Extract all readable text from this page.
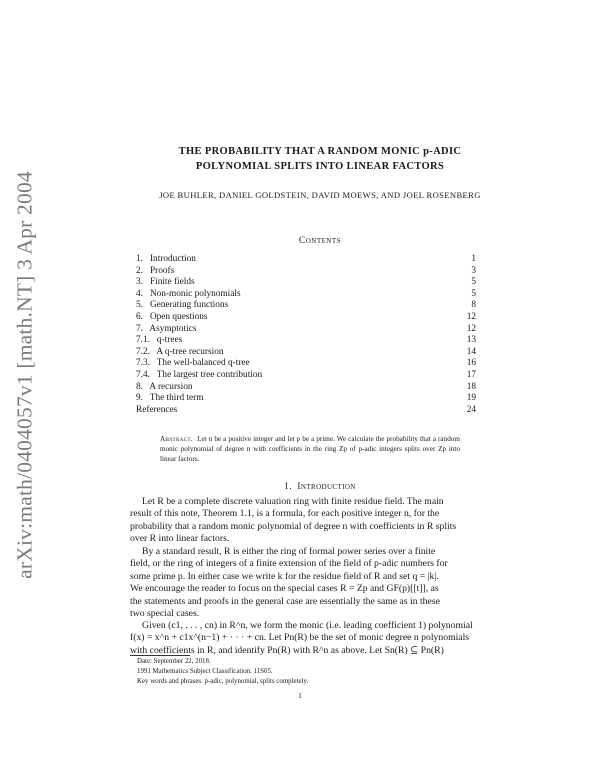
arXiv:math/0404057v1 [math.NT] 3 Apr 2004
THE PROBABILITY THAT A RANDOM MONIC p-ADIC
POLYNOMIAL SPLITS INTO LINEAR FACTORS
JOE BUHLER, DANIEL GOLDSTEIN, DAVID MOEWS, AND JOEL ROSENBERG
Contents
1.   Introduction	1
2.   Proofs	3
3.   Finite fields	5
4.   Non-monic polynomials	5
5.   Generating functions	8
6.   Open questions	12
7.   Asymptotics	12
7.1.   q-trees	13
7.2.   A q-tree recursion	14
7.3.   The well-balanced q-tree	16
7.4.   The largest tree contribution	17
8.   A recursion	18
9.   The third term	19
References	24
Abstract. Let n be a positive integer and let p be a prime. We calculate the probability that a random monic polynomial of degree n with coefficients in the ring Zp of p-adic integers splits over Zp into linear factors.
1. Introduction
Let R be a complete discrete valuation ring with finite residue field. The main
result of this note, Theorem 1.1, is a formula, for each positive integer n, for the
probability that a random monic polynomial of degree n with coefficients in R splits
over R into linear factors.
By a standard result, R is either the ring of formal power series over a finite
field, or the ring of integers of a finite extension of the field of p-adic numbers for
some prime p. In either case we write k for the residue field of R and set q = |k|.
We encourage the reader to focus on the special cases R = Zp and GF(p)[[t]], as
the statements and proofs in the general case are essentially the same as in these
two special cases.
Given (c1, . . . , cn) in R^n, we form the monic (i.e. leading coefficient 1) polynomial
f(x) = x^n + c1x^(n−1) + · · · + cn. Let Pn(R) be the set of monic degree n polynomials
with coefficients in R, and identify Pn(R) with R^n as above. Let Sn(R) ⊆ Pn(R)
Date: September 22, 2018.
1991 Mathematics Subject Classification. 11S05.
Key words and phrases. p-adic, polynomial, splits completely.
1
